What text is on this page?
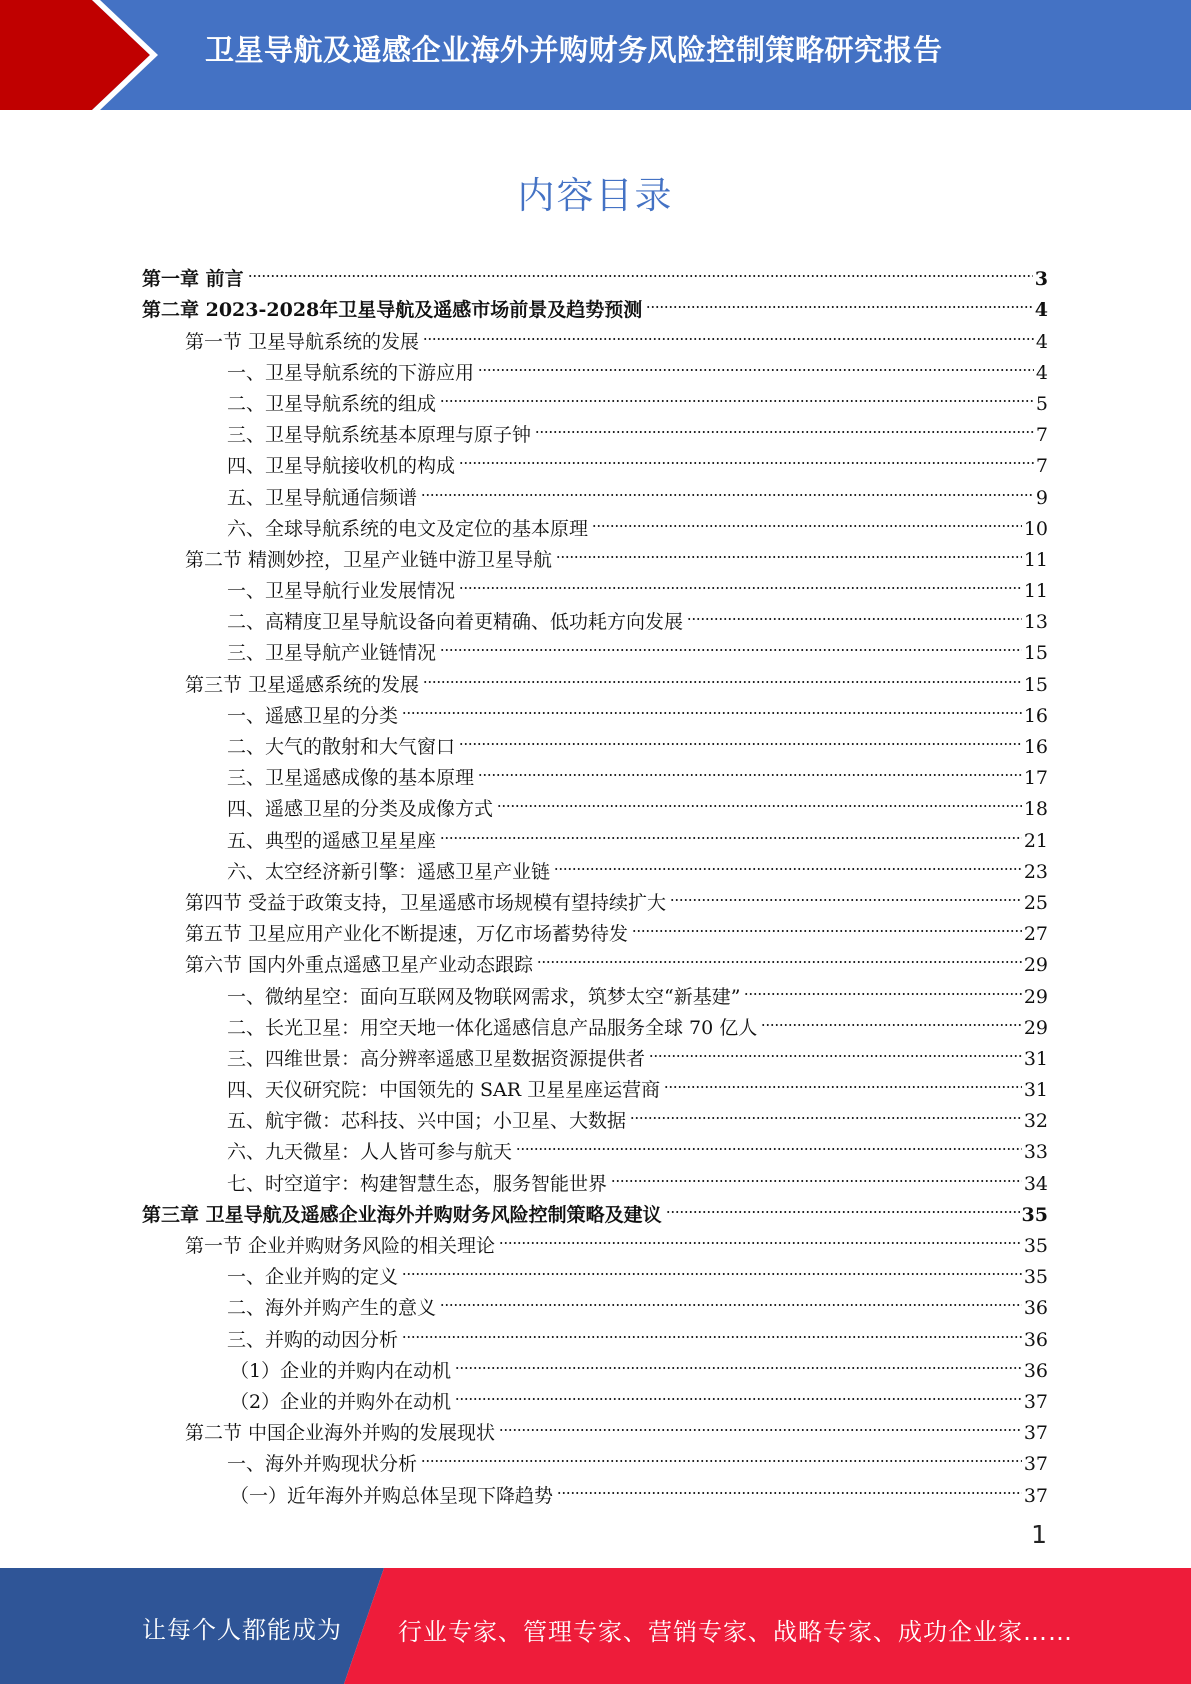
卫星导航及遥感企业海外并购财务风险控制策略研究报告
内容目录
第一章 前言	3
第二章 2023-2028年卫星导航及遥感市场前景及趋势预测	4
第一节 卫星导航系统的发展	4
一、卫星导航系统的下游应用	4
二、卫星导航系统的组成	5
三、卫星导航系统基本原理与原子钟	7
四、卫星导航接收机的构成	7
五、卫星导航通信频谱	9
六、全球导航系统的电文及定位的基本原理	10
第二节 精测妙控，卫星产业链中游卫星导航	11
一、卫星导航行业发展情况	11
二、高精度卫星导航设备向着更精确、低功耗方向发展	13
三、卫星导航产业链情况	15
第三节 卫星遥感系统的发展	15
一、遥感卫星的分类	16
二、大气的散射和大气窗口	16
三、卫星遥感成像的基本原理	17
四、遥感卫星的分类及成像方式	18
五、典型的遥感卫星星座	21
六、太空经济新引擎：遥感卫星产业链	23
第四节 受益于政策支持，卫星遥感市场规模有望持续扩大	25
第五节 卫星应用产业化不断提速，万亿市场蓄势待发	27
第六节 国内外重点遥感卫星产业动态跟踪	29
一、微纳星空：面向互联网及物联网需求，筑梦太空“新基建”	29
二、长光卫星：用空天地一体化遥感信息产品服务全球 70 亿人	29
三、四维世景：高分辨率遥感卫星数据资源提供者	31
四、天仪研究院：中国领先的 SAR 卫星星座运营商	31
五、航宇微：芯科技、兴中国；小卫星、大数据	32
六、九天微星：人人皆可参与航天	33
七、时空道宇：构建智慧生态，服务智能世界	34
第三章 卫星导航及遥感企业海外并购财务风险控制策略及建议	35
第一节 企业并购财务风险的相关理论	35
一、企业并购的定义	35
二、海外并购产生的意义	36
三、并购的动因分析	36
（1）企业的并购内在动机	36
（2）企业的并购外在动机	37
第二节 中国企业海外并购的发展现状	37
一、海外并购现状分析	37
（一）近年海外并购总体呈现下降趋势	37
1
让每个人都能成为 行业专家、管理专家、营销专家、战略专家、成功企业家……
